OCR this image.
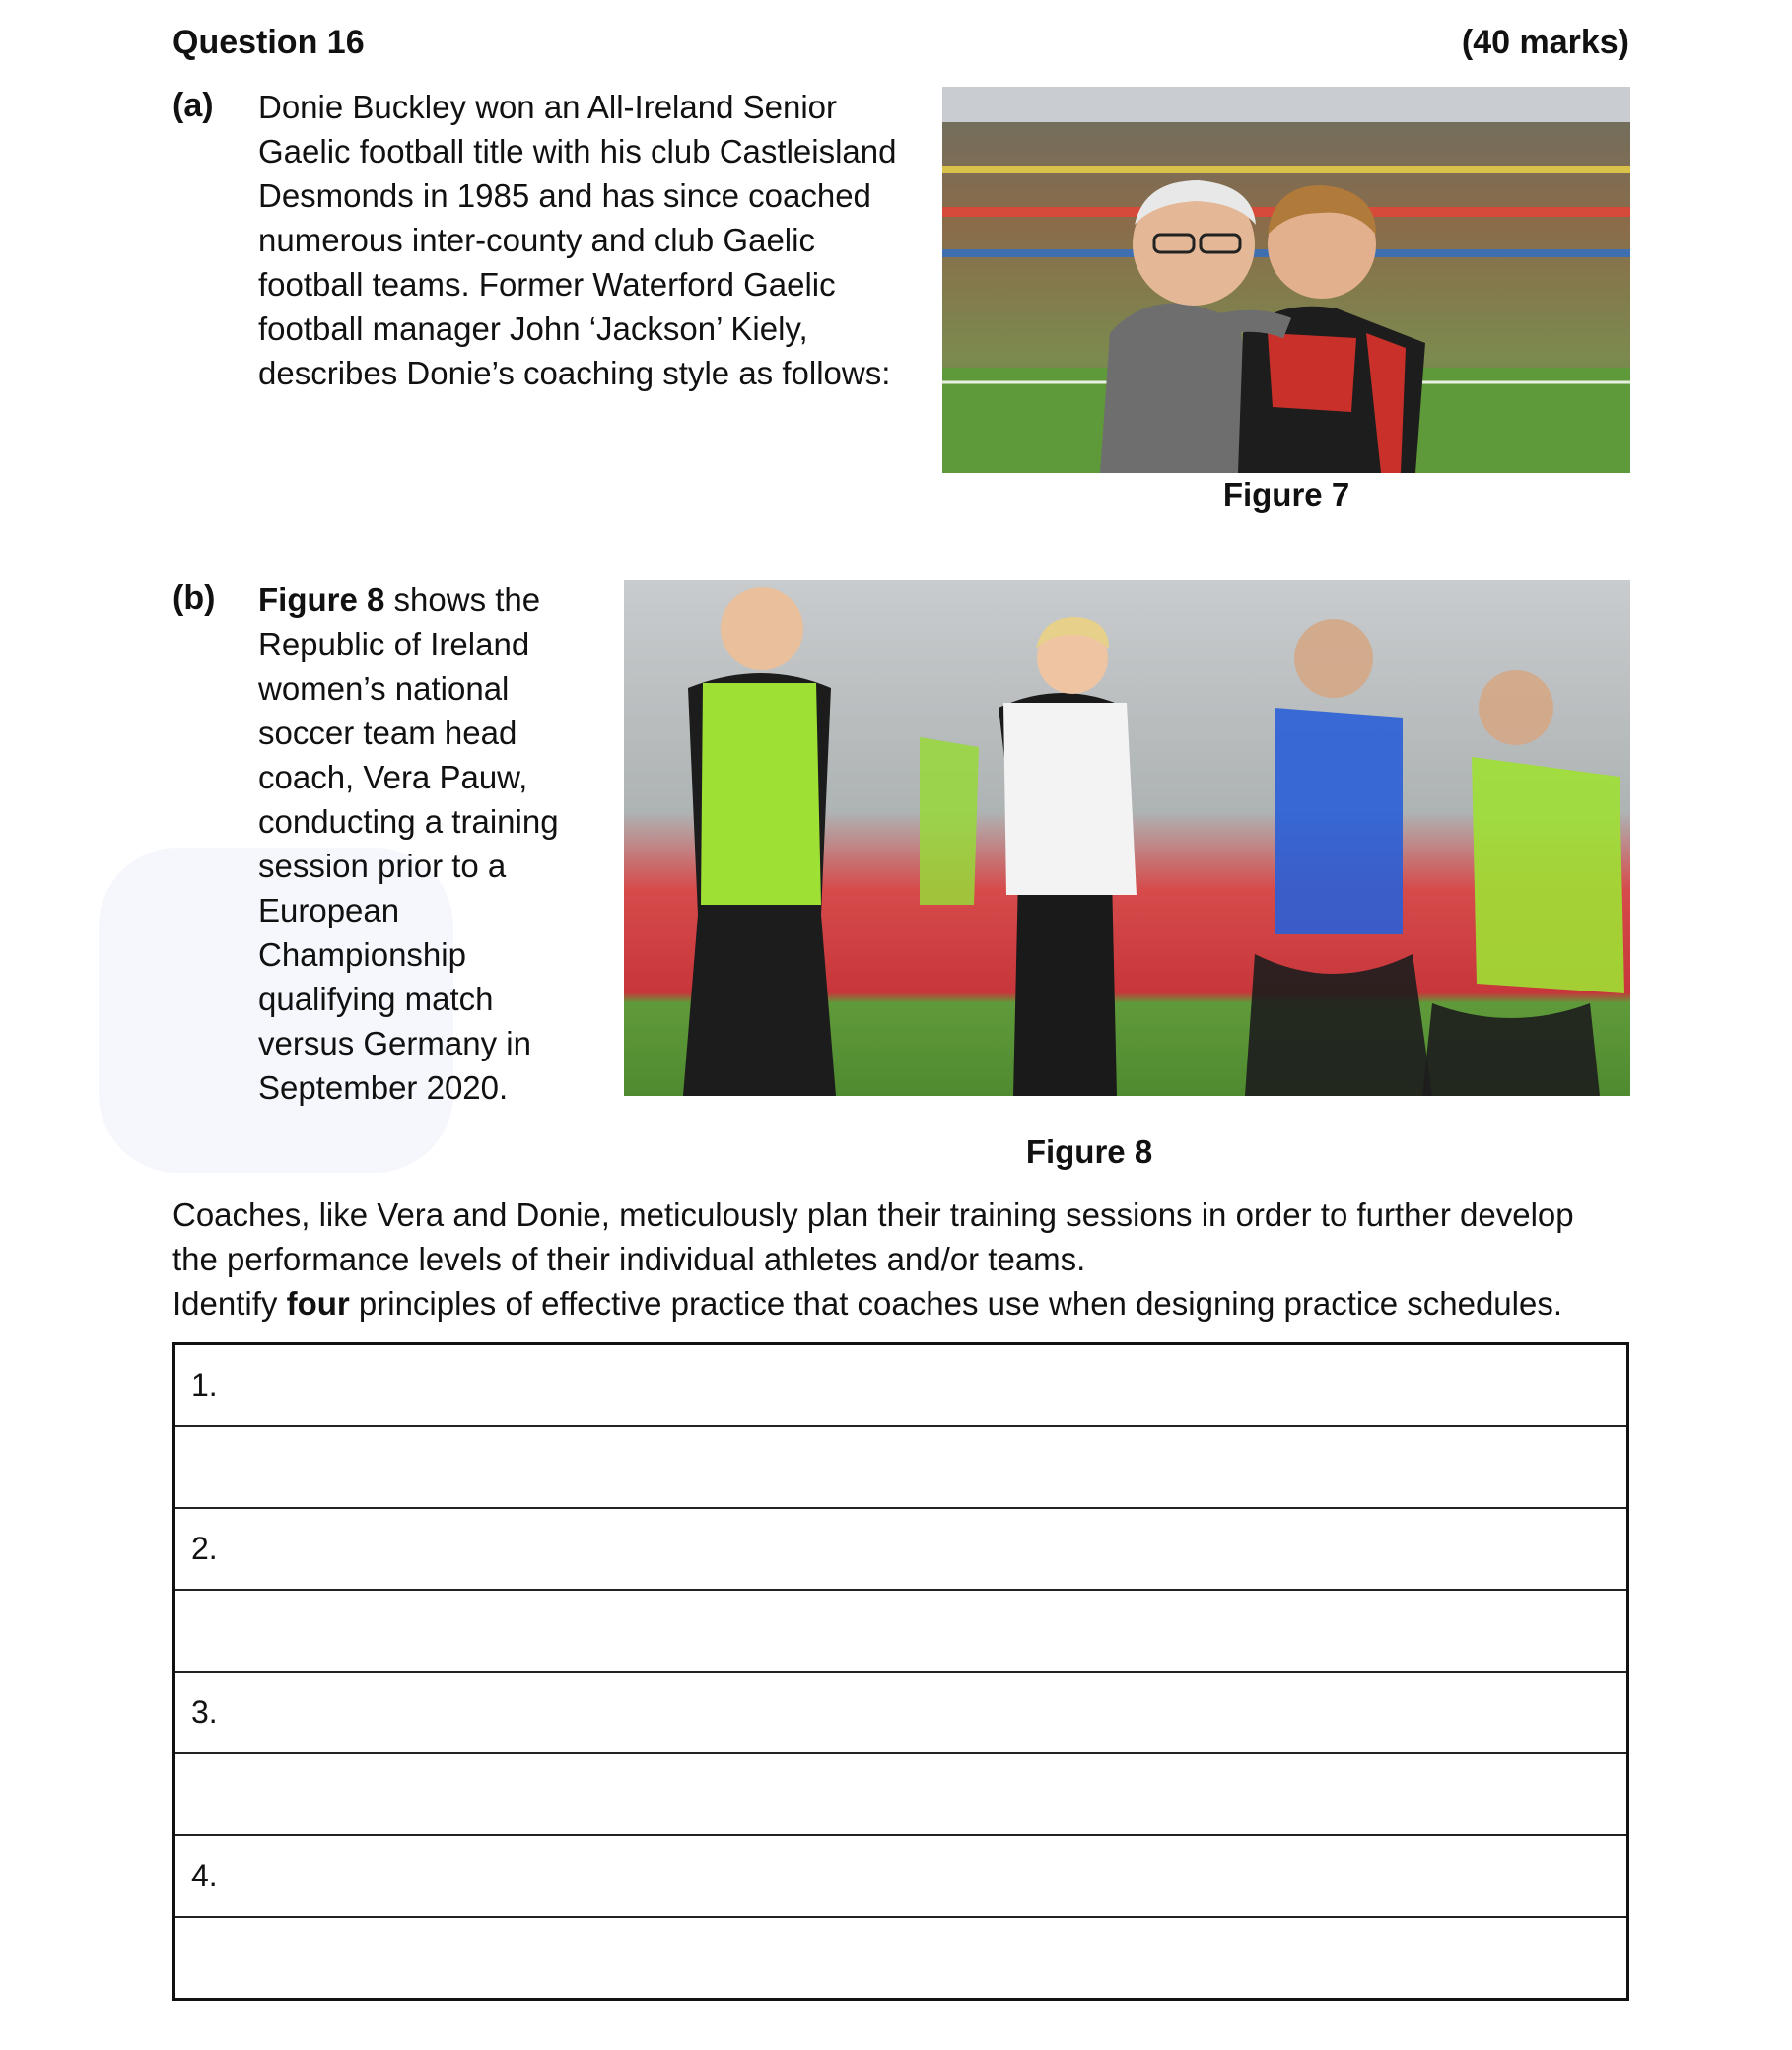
Question 16	(40 marks)
(a) Donie Buckley won an All-Ireland Senior
Gaelic football title with his club Castleisland
Desmonds in 1985 and has since coached
numerous inter-county and club Gaelic
football teams. Former Waterford Gaelic
football manager John ‘Jackson’ Kiely,
describes Donie’s coaching style as follows:
Figure 7
(b) Figure 8 shows the
Republic of Ireland
women’s national
soccer team head
coach, Vera Pauw,
conducting a training
session prior to a
European
Championship
qualifying match
versus Germany in
September 2020.
Figure 8
Coaches, like Vera and Donie, meticulously plan their training sessions in order to further develop
the performance levels of their individual athletes and/or teams.
Identify four principles of effective practice that coaches use when designing practice schedules.
1.
2.
3.
4.
